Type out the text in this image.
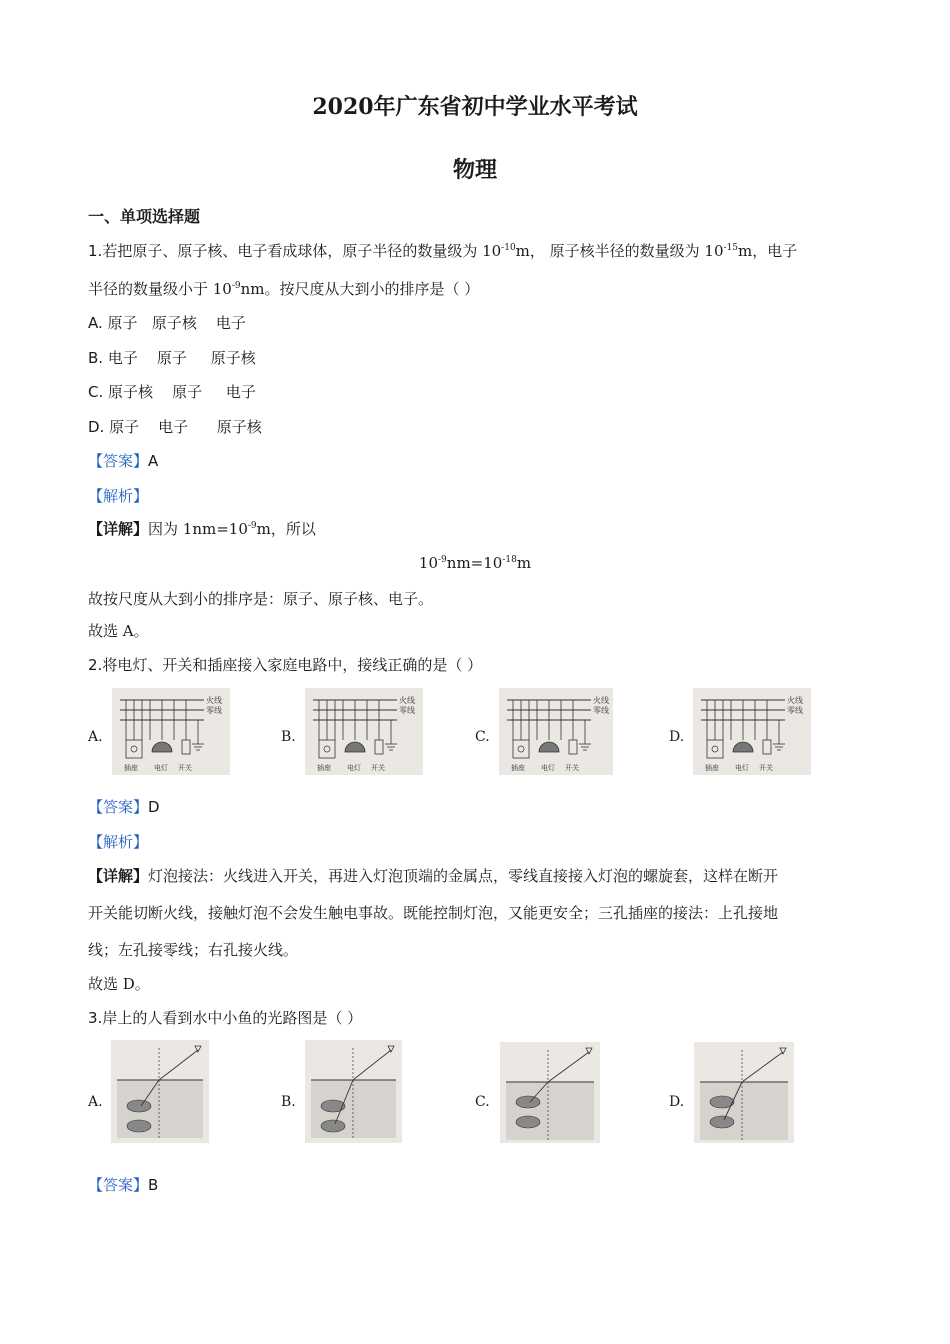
2020年广东省初中学业水平考试
物理
一、单项选择题
1.若把原子、原子核、电子看成球体，原子半径的数量级为 $10^{-10}m$， 原子核半径的数量级为 $10^{-15}m$，电子
半径的数量级小于 $10^{-9}nm$。按尺度从大到小的排序是（ ）
A. 原子   原子核    电子
B. 电子    原子     原子核
C. 原子核    原子     电子
D. 原子    电子      原子核
【答案】A
【解析】
【详解】因为 $1nm=10^{-9}m$，所以
$10^{-9}nm=10^{-18}m$
故按尺度从大到小的排序是：原子、原子核、电子。
故选 A。
2.将电灯、开关和插座接入家庭电路中，接线正确的是（ ）
A.	B.	C.	D.
火线
零线
插座 电灯 开关
火线
零线
插座 电灯 开关
火线
零线
插座 电灯 开关
火线
零线
插座 电灯 开关
【答案】D
【解析】
【详解】灯泡接法：火线进入开关，再进入灯泡顶端的金属点，零线直接接入灯泡的螺旋套，这样在断开
开关能切断火线，接触灯泡不会发生触电事故。既能控制灯泡，又能更安全；三孔插座的接法：上孔接地
线；左孔接零线；右孔接火线。
故选 D。
3.岸上的人看到水中小鱼的光路图是（ ）
A.	B.	C.	D.
【答案】B
